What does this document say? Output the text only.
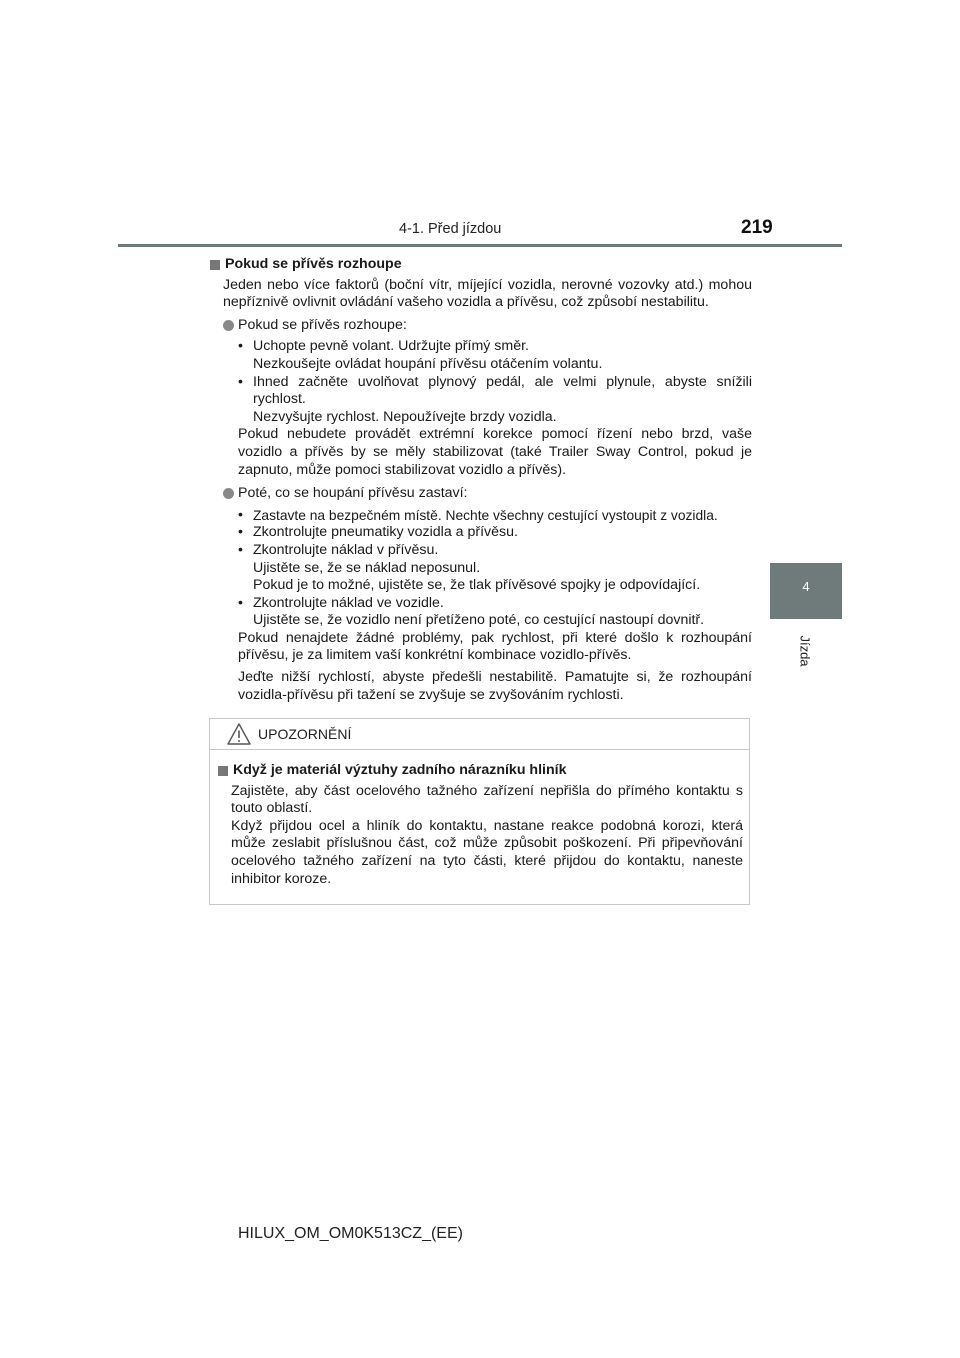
4-1. Před jízdou	219
4
Jízda
Pokud se přívěs rozhoupe
Jeden nebo více faktorů (boční vítr, míjející vozidla, nerovné vozovky atd.) mohou nepříznivě ovlivnit ovládání vašeho vozidla a přívěsu, což způsobí nestabilitu.
Pokud se přívěs rozhoupe:
• Uchopte pevně volant. Udržujte přímý směr.
Nezkoušejte ovládat houpání přívěsu otáčením volantu.
• Ihned začněte uvolňovat plynový pedál, ale velmi plynule, abyste snížili rychlost.
Nezvyšujte rychlost. Nepoužívejte brzdy vozidla.
Pokud nebudete provádět extrémní korekce pomocí řízení nebo brzd, vaše vozidlo a přívěs by se měly stabilizovat (také Trailer Sway Control, pokud je zapnuto, může pomoci stabilizovat vozidlo a přívěs).
Poté, co se houpání přívěsu zastaví:
• Zastavte na bezpečném místě. Nechte všechny cestující vystoupit z vozidla.
• Zkontrolujte pneumatiky vozidla a přívěsu.
• Zkontrolujte náklad v přívěsu.
Ujistěte se, že se náklad neposunul.
Pokud je to možné, ujistěte se, že tlak přívěsové spojky je odpovídající.
• Zkontrolujte náklad ve vozidle.
Ujistěte se, že vozidlo není přetíženo poté, co cestující nastoupí dovnitř.
Pokud nenajdete žádné problémy, pak rychlost, při které došlo k rozhoupání přívěsu, je za limitem vaší konkrétní kombinace vozidlo-přívěs.
Jeďte nižší rychlostí, abyste předešli nestabilitě. Pamatujte si, že rozhoupání vozidla-přívěsu při tažení se zvyšuje se zvyšováním rychlosti.
UPOZORNĚNÍ
Když je materiál výztuhy zadního nárazníku hliník
Zajistěte, aby část ocelového tažného zařízení nepřišla do přímého kontaktu s touto oblastí.
Když přijdou ocel a hliník do kontaktu, nastane reakce podobná korozi, která může zeslabit příslušnou část, což může způsobit poškození. Při připevňování ocelového tažného zařízení na tyto části, které přijdou do kontaktu, naneste inhibitor koroze.
HILUX_OM_OM0K513CZ_(EE)
